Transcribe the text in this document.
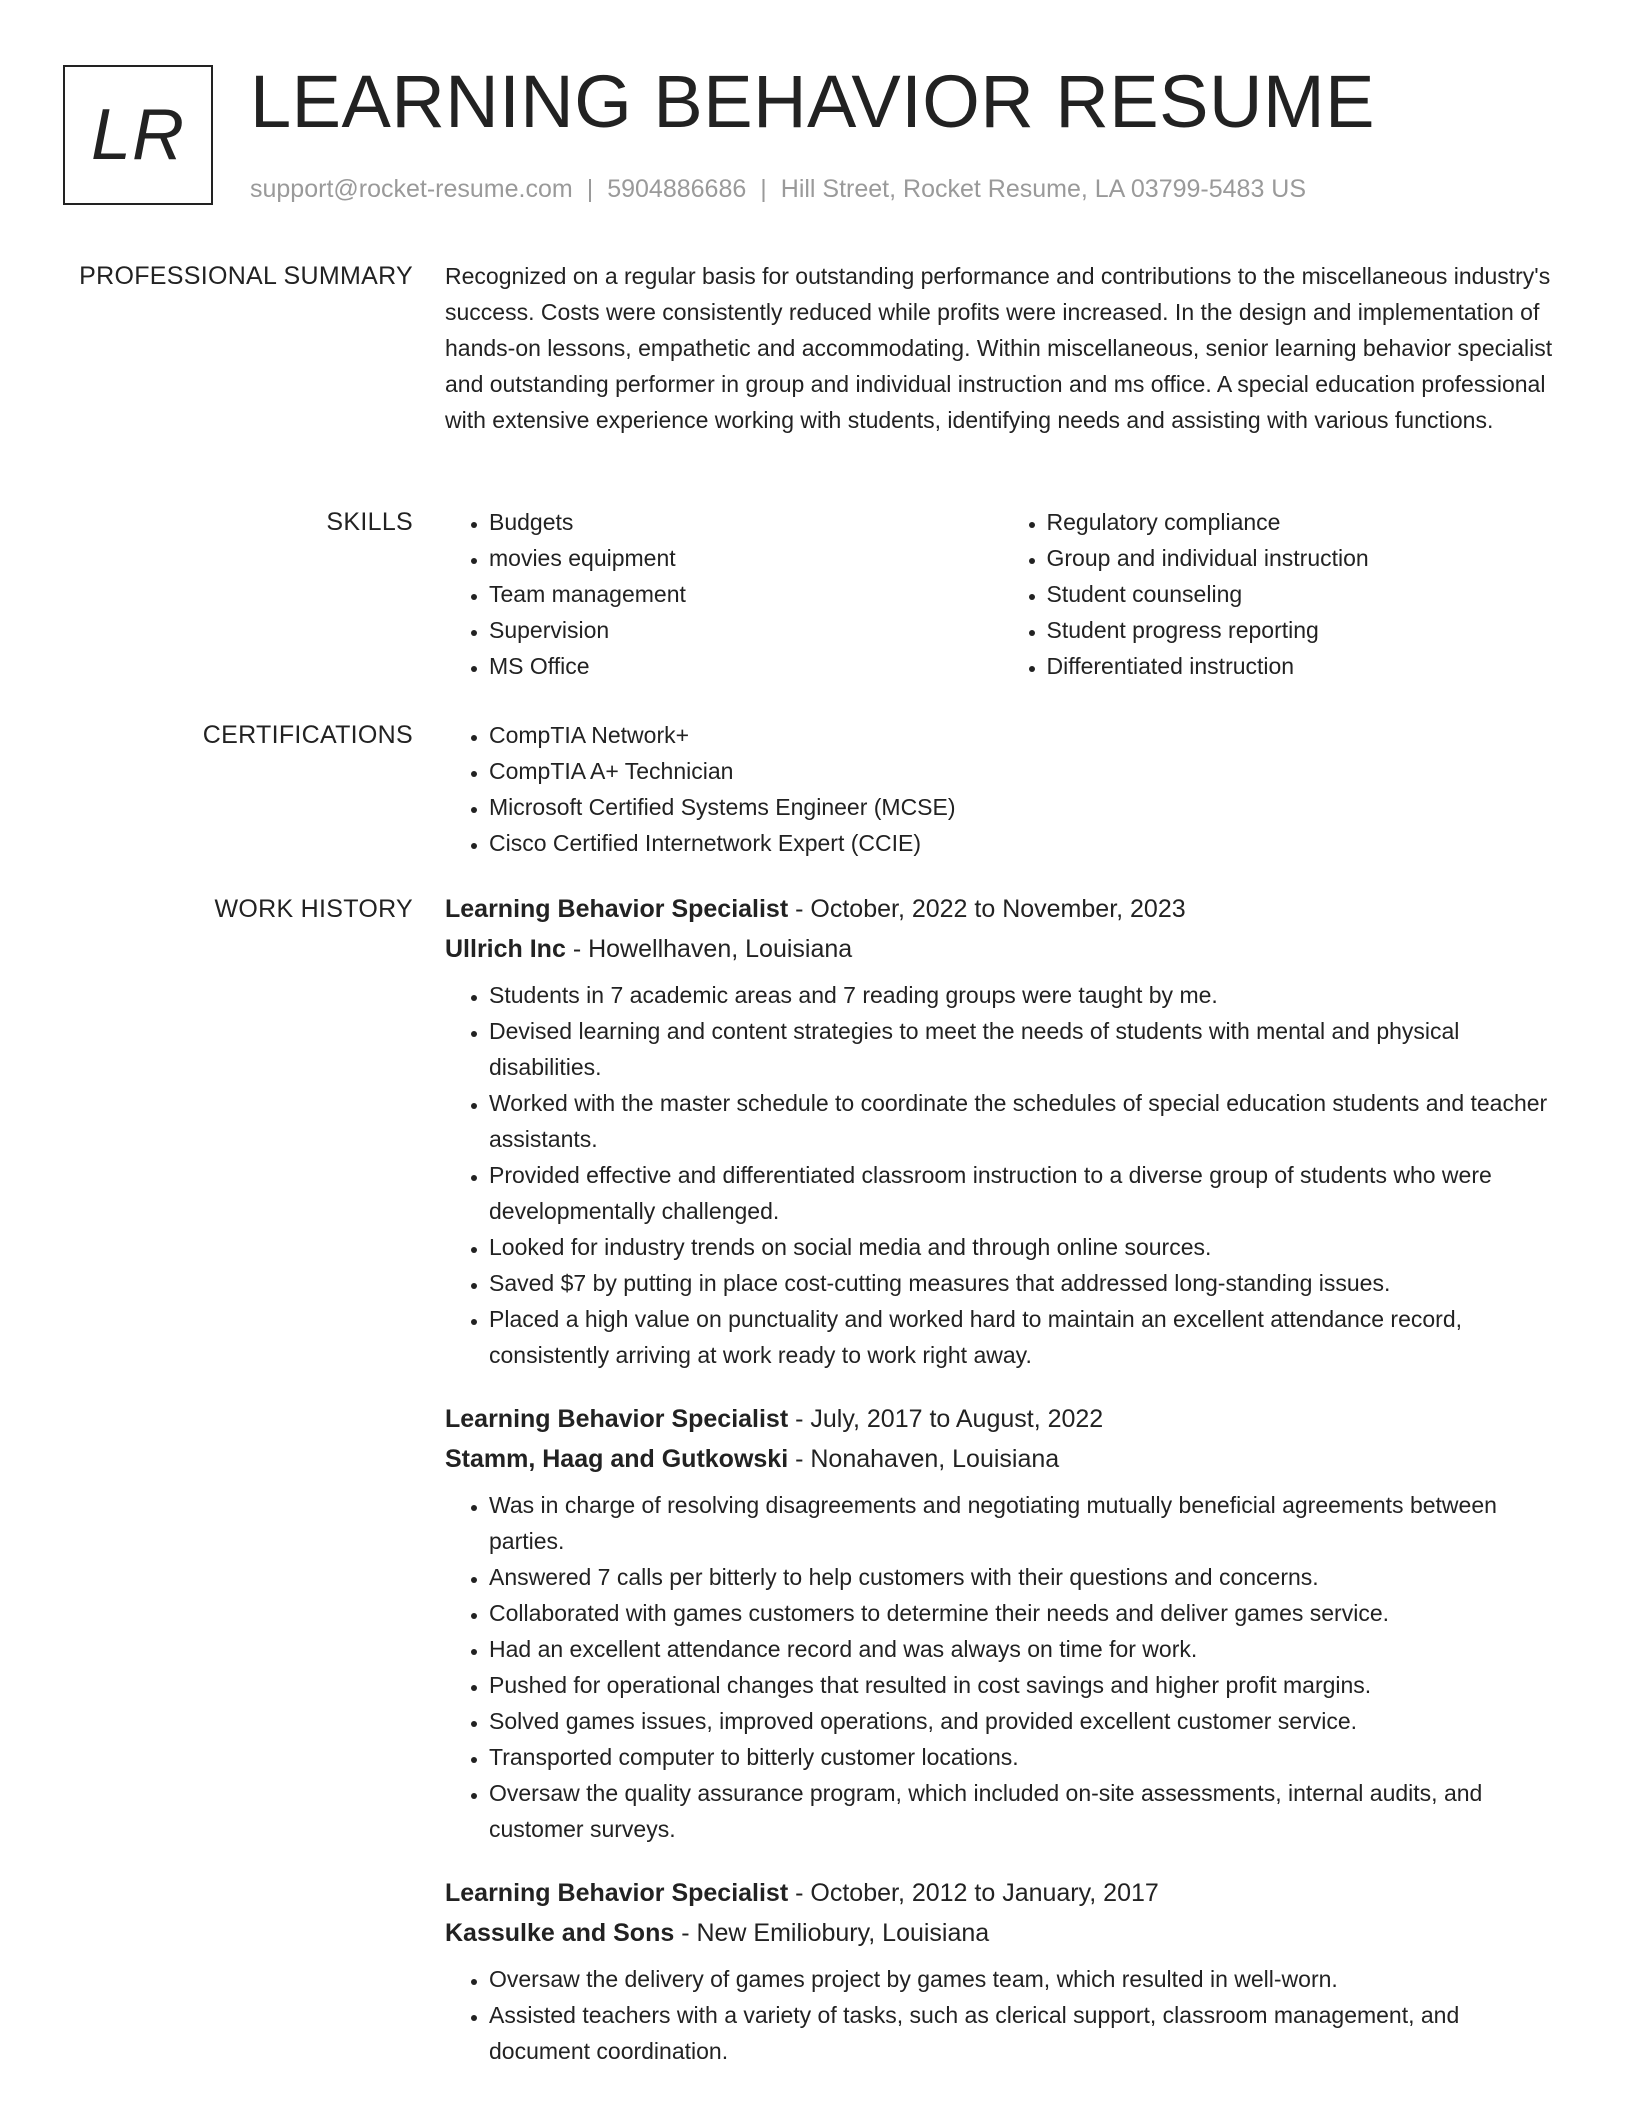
LR LEARNING BEHAVIOR RESUME
support@rocket-resume.com | 5904886686 | Hill Street, Rocket Resume, LA 03799-5483 US
PROFESSIONAL SUMMARY Recognized on a regular basis for outstanding performance and contributions to the miscellaneous industry's success. Costs were consistently reduced while profits were increased. In the design and implementation of hands-on lessons, empathetic and accommodating. Within miscellaneous, senior learning behavior specialist and outstanding performer in group and individual instruction and ms office. A special education professional with extensive experience working with students, identifying needs and assisting with various functions.
SKILLS	• Budgets
• movies equipment
• Team management
• Supervision
• MS Office
• Regulatory compliance
• Group and individual instruction
• Student counseling
• Student progress reporting
• Differentiated instruction
CERTIFICATIONS	• CompTIA Network+
• CompTIA A+ Technician
• Microsoft Certified Systems Engineer (MCSE)
• Cisco Certified Internetwork Expert (CCIE)
WORK HISTORY Learning Behavior Specialist - October, 2022 to November, 2023
Ullrich Inc - Howellhaven, Louisiana
• Students in 7 academic areas and 7 reading groups were taught by me.
• Devised learning and content strategies to meet the needs of students with mental and physical disabilities.
• Worked with the master schedule to coordinate the schedules of special education students and teacher assistants.
• Provided effective and differentiated classroom instruction to a diverse group of students who were developmentally challenged.
• Looked for industry trends on social media and through online sources.
• Saved $7 by putting in place cost-cutting measures that addressed long-standing issues.
• Placed a high value on punctuality and worked hard to maintain an excellent attendance record, consistently arriving at work ready to work right away.
Learning Behavior Specialist - July, 2017 to August, 2022
Stamm, Haag and Gutkowski - Nonahaven, Louisiana
• Was in charge of resolving disagreements and negotiating mutually beneficial agreements between parties.
• Answered 7 calls per bitterly to help customers with their questions and concerns.
• Collaborated with games customers to determine their needs and deliver games service.
• Had an excellent attendance record and was always on time for work.
• Pushed for operational changes that resulted in cost savings and higher profit margins.
• Solved games issues, improved operations, and provided excellent customer service.
• Transported computer to bitterly customer locations.
• Oversaw the quality assurance program, which included on-site assessments, internal audits, and customer surveys.
Learning Behavior Specialist - October, 2012 to January, 2017
Kassulke and Sons - New Emiliobury, Louisiana
• Oversaw the delivery of games project by games team, which resulted in well-worn.
• Assisted teachers with a variety of tasks, such as clerical support, classroom management, and document coordination.
